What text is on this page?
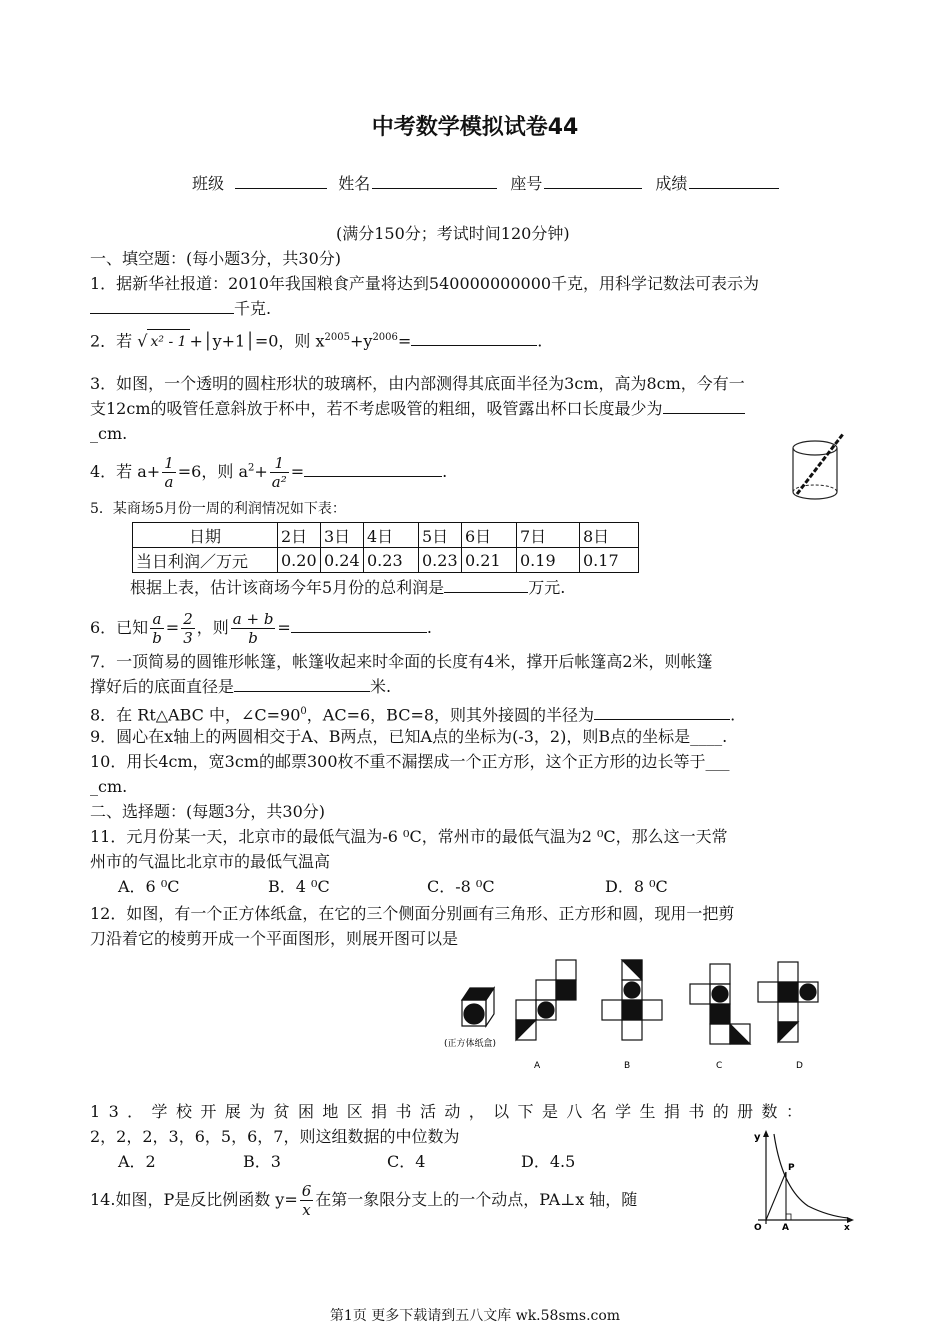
中考数学模拟试卷44
班级	姓名	座号	成绩
(满分150分；考试时间120分钟)
一、填空题：(每小题3分，共30分)
1．据新华社报道：2010年我国粮食产量将达到540000000000千克，用科学记数法可表示为
千克.
2．若 √ x² - 1 +│y+1│=0，则 $x^{2005}+y^{2006}=$	.
3．如图，一个透明的圆柱形状的玻璃杯，由内部测得其底面半径为3cm，高为8cm，今有一
支12cm的吸管任意斜放于杯中，若不考虑吸管的粗细，吸管露出杯口长度最少为
_cm.
4．若 $a+ \frac{1}{a} =6$，则 $a^2+ \frac{1}{\text{a²}}$ =	.
5．某商场5月份一周的利润情况如下表：
日期	2日	3日	4日	5日	6日	7日	8日
当日利润／万元	0.20	0.24	0.23	0.23	0.21	0.19	0.17
根据上表，估计该商场今年5月份的总利润是	万元.
6．已知 $\frac{a}{b} = \frac{2}{3}$ ，则 $\frac{a + b}{b}$ =	.
7．一顶简易的圆锥形帐篷，帐篷收起来时伞面的长度有4米，撑开后帐篷高2米，则帐篷
撑好后的底面直径是	米.
8．在 Rt△ABC 中，$\angle C=90^0$，AC=6，BC=8，则其外接圆的半径为	.
9．圆心在x轴上的两圆相交于A、B两点，已知A点的坐标为(-3，2)，则B点的坐标是____.
10．用长4cm，宽3cm的邮票300枚不重不漏摆成一个正方形，这个正方形的边长等于___
_cm.
二、选择题：(每题3分，共30分)
11．元月份某一天，北京市的最低气温为-6 ⁰C，常州市的最低气温为2 ⁰C，那么这一天常
州市的气温比北京市的最低气温高
A．6 ⁰C	B．4 ⁰C	C．-8 ⁰C	D．8 ⁰C
12．如图，有一个正方体纸盒，在它的三个侧面分别画有三角形、正方形和圆，现用一把剪
刀沿着它的棱剪开成一个平面图形，则展开图可以是
(正方体纸盒)
A	B	C	D
13．学校开展为贫困地区捐书活动，以下是八名学生捐书的册数：
2，2，2，3，6，5，6，7，则这组数据的中位数为
A．2	B．3	C．4	D．4.5
y
P
O A	x
14.如图，P是反比例函数 $y= \frac{6}{x}$ 在第一象限分支上的一个动点，PA⊥x 轴，随
第1页 更多下载请到五八文库 wk.58sms.com
